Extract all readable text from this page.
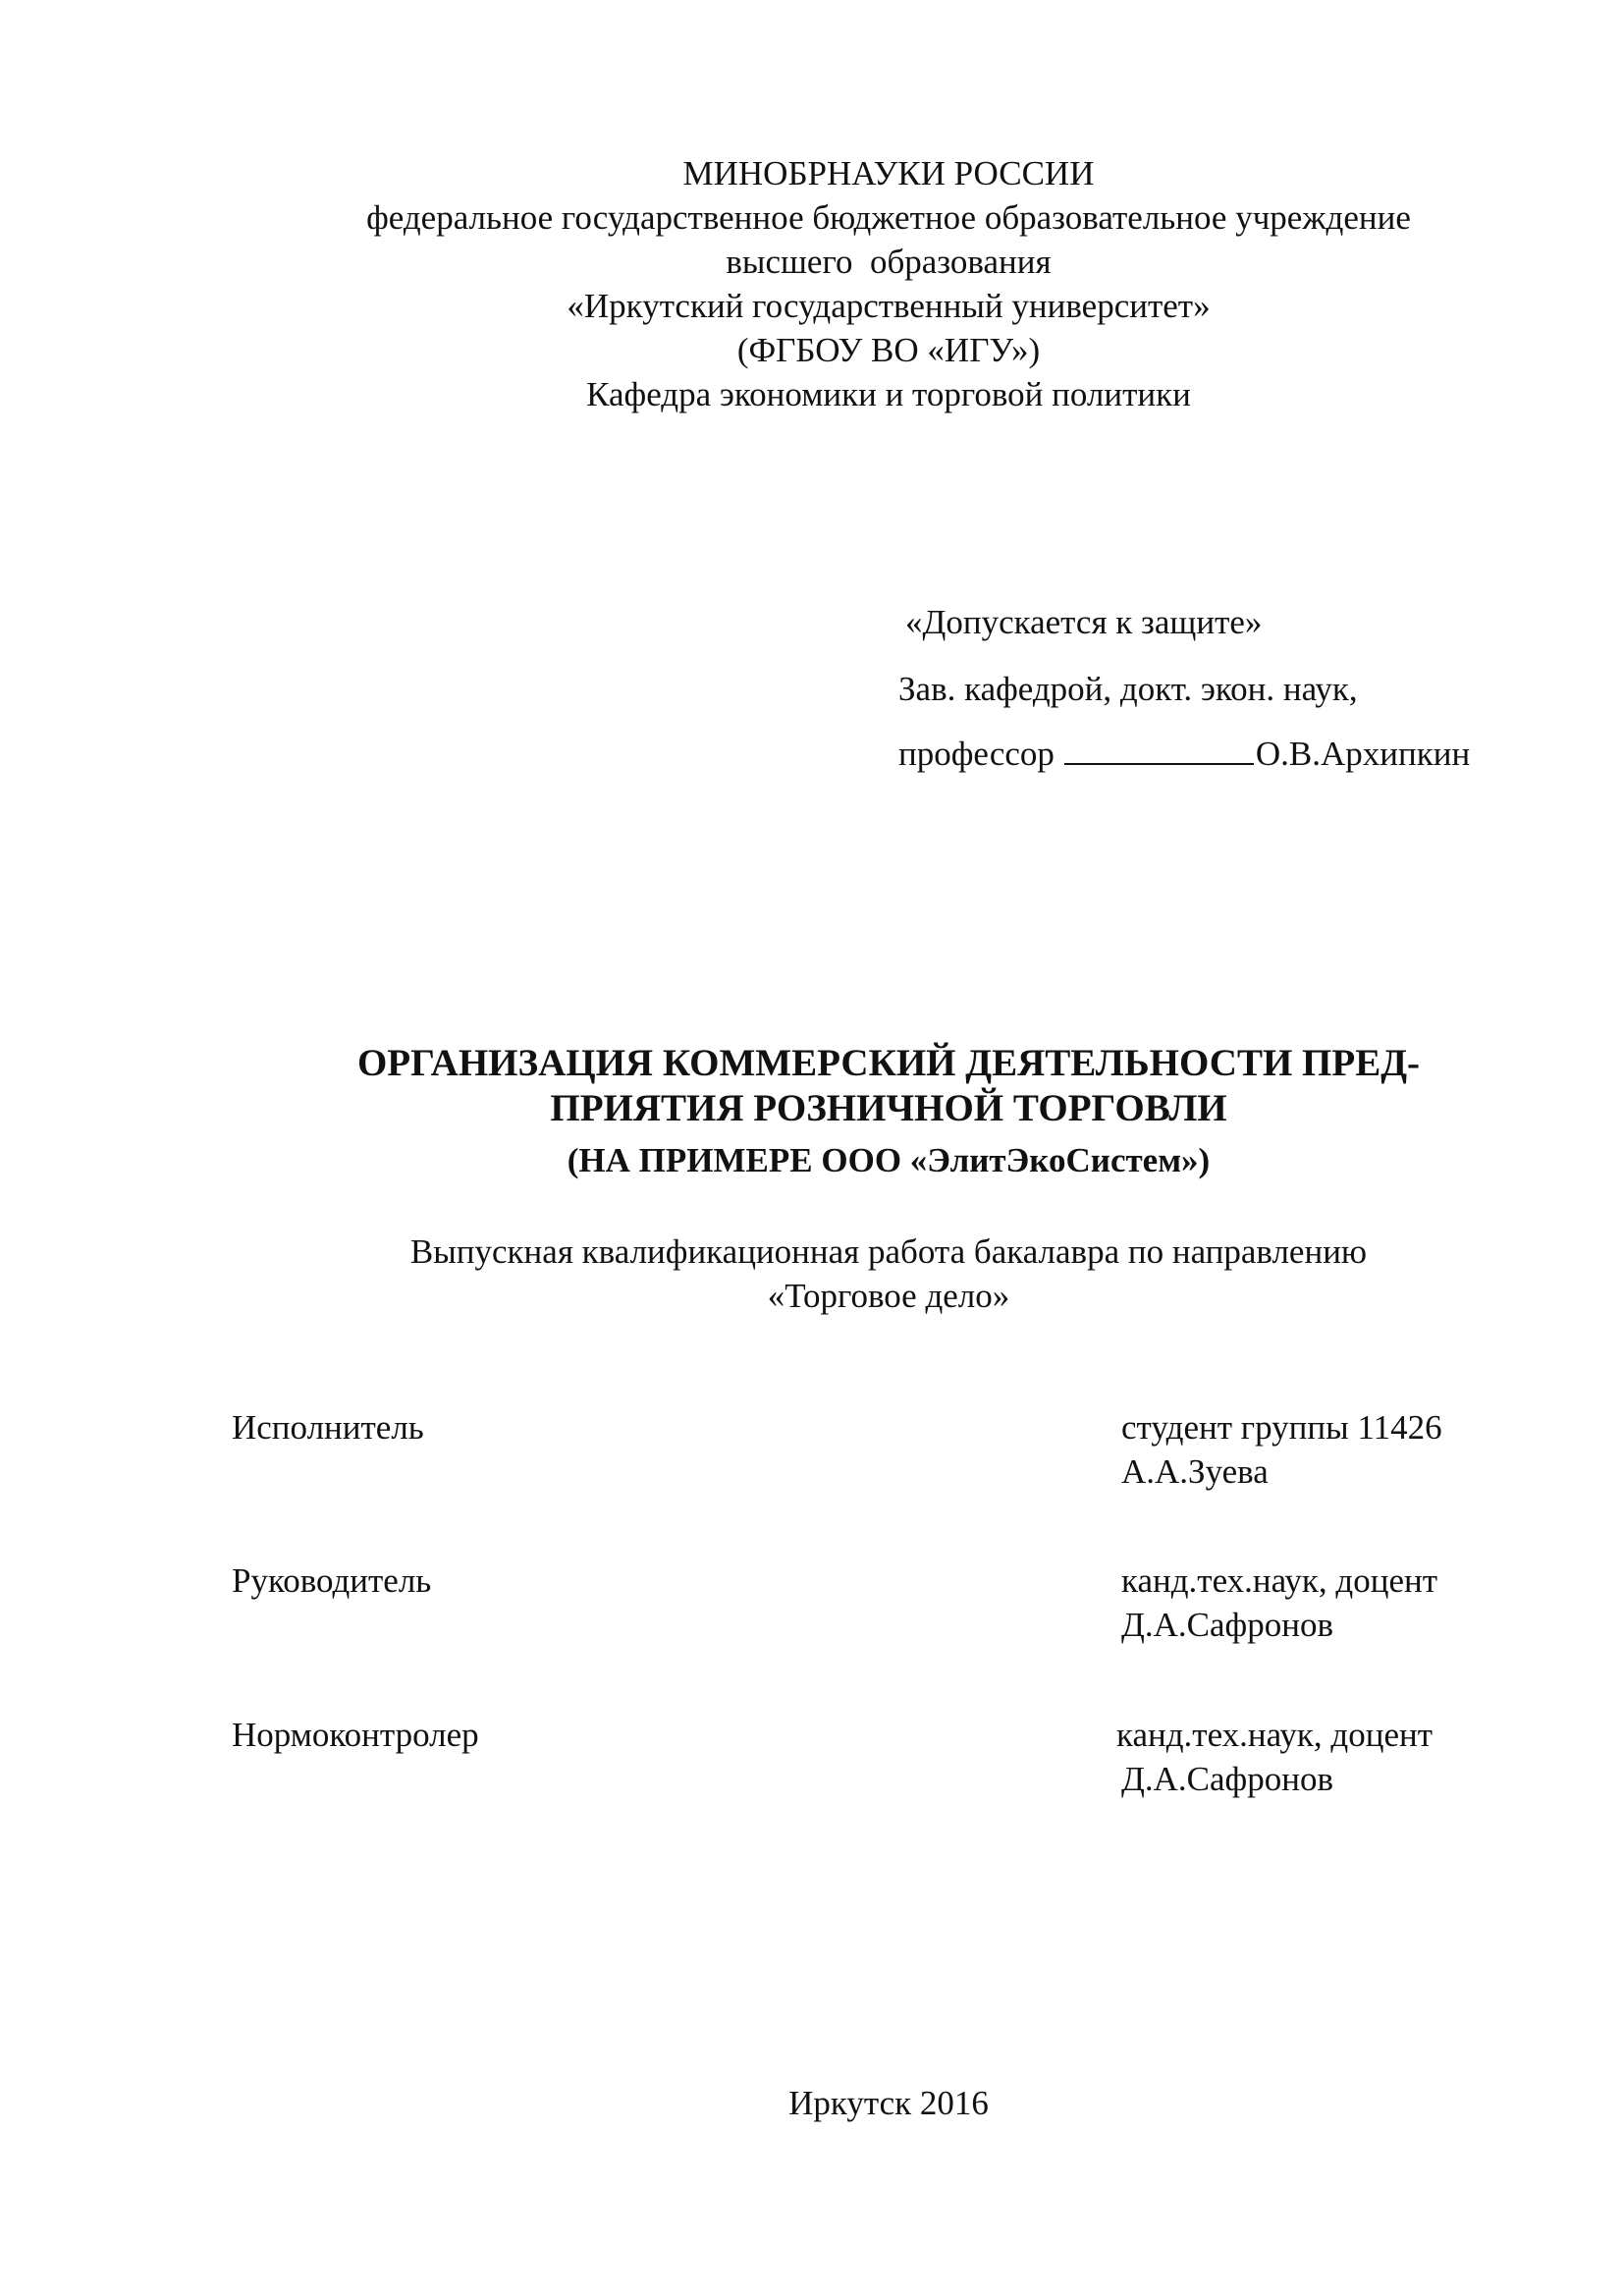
МИНОБРНАУКИ РОССИИ
федеральное государственное бюджетное образовательное учреждение
высшего  образования
«Иркутский государственный университет»
(ФГБОУ ВО «ИГУ»)
Кафедра экономики и торговой политики
«Допускается к защите»
Зав. кафедрой, докт. экон. наук,
профессор	О.В.Архипкин
ОРГАНИЗАЦИЯ КОММЕРСКИЙ ДЕЯТЕЛЬНОСТИ ПРЕД-
ПРИЯТИЯ РОЗНИЧНОЙ ТОРГОВЛИ
(НА ПРИМЕРЕ ООО «ЭлитЭкоСистем»)
Выпускная квалификационная работа бакалавра по направлению
«Торговое дело»
Исполнитель	студент группы 11426
А.А.Зуева
Руководитель	канд.тех.наук, доцент
Д.А.Сафронов
Нормоконтролер	канд.тех.наук, доцент
Д.А.Сафронов
Иркутск 2016
